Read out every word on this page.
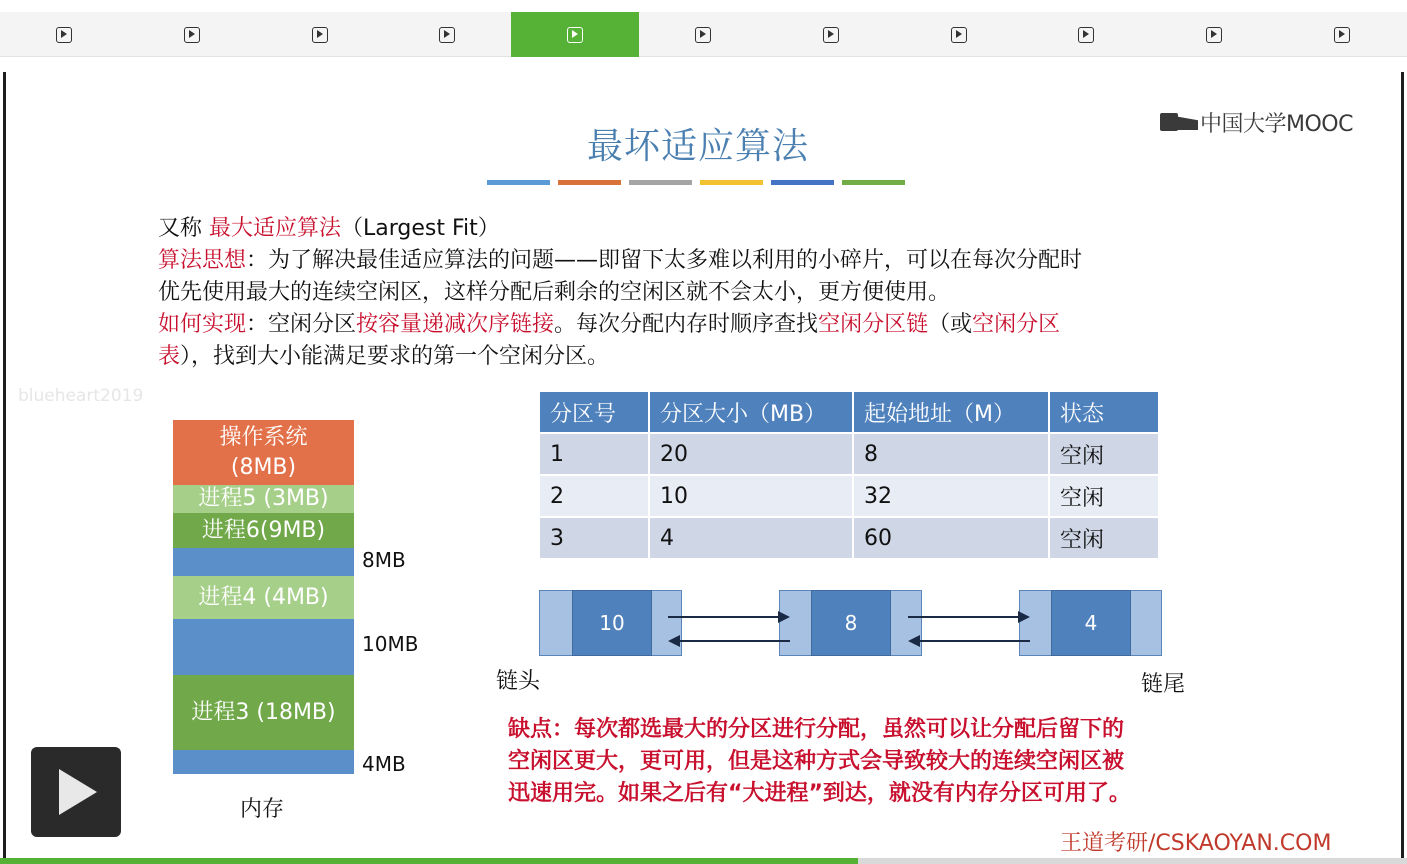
最坏适应算法
中国大学MOOC
又称 最大适应算法（Largest Fit）
算法思想：为了解决最佳适应算法的问题——即留下太多难以利用的小碎片，可以在每次分配时
优先使用最大的连续空闲区，这样分配后剩余的空闲区就不会太小，更方便使用。
如何实现：空闲分区按容量递减次序链接。每次分配内存时顺序查找空闲分区链（或空闲分区
表），找到大小能满足要求的第一个空闲分区。
blueheart2019
操作系统
(8MB)
进程5 (3MB)
进程6(9MB)
进程4 (4MB)
进程3 (18MB)
8MB
10MB
4MB
内存
分区号	分区大小（MB）	起始地址（M）	状态
1	20	8	空闲
2	10	32	空闲
3	4	60	空闲
10	8	4
链头	链尾
缺点：每次都选最大的分区进行分配，虽然可以让分配后留下的
空闲区更大，更可用，但是这种方式会导致较大的连续空闲区被
迅速用完。如果之后有“大进程”到达，就没有内存分区可用了。
王道考研/CSKAOYAN.COM
